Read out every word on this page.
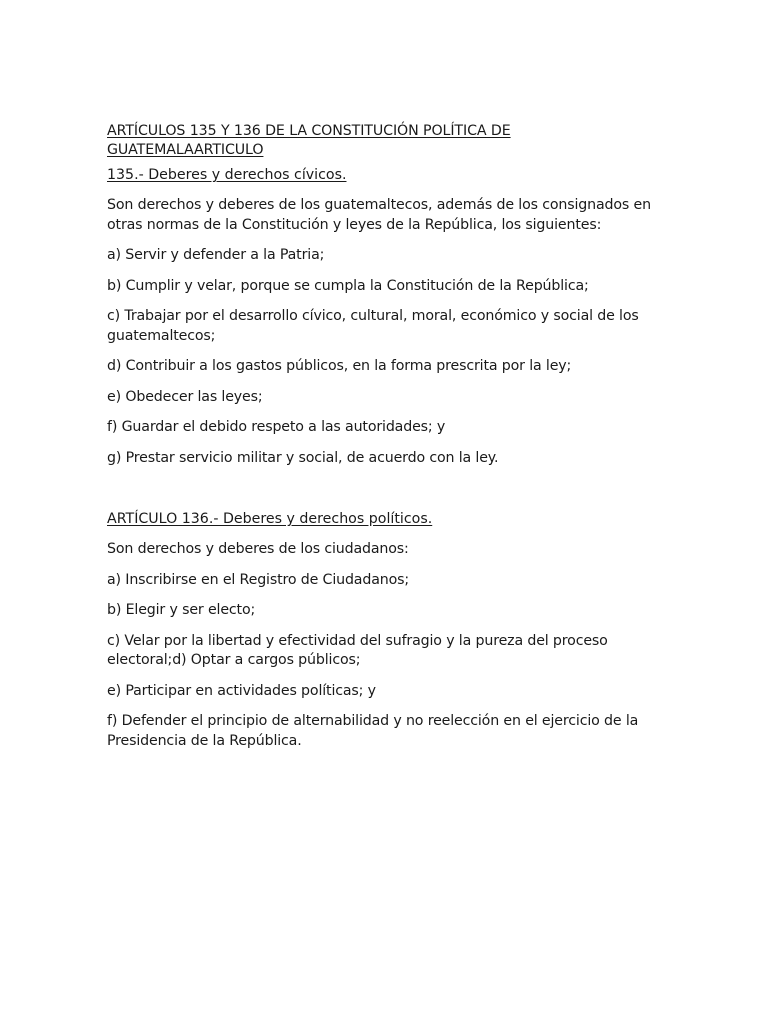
ARTÍCULOS 135 Y 136 DE LA CONSTITUCIÓN POLÍTICA DE GUATEMALAARTICULO
135.- Deberes y derechos cívicos.
Son derechos y deberes de los guatemaltecos, además de los consignados en otras normas de la Constitución y leyes de la República, los siguientes:
a) Servir y defender a la Patria;
b) Cumplir y velar, porque se cumpla la Constitución de la República;
c) Trabajar por el desarrollo cívico, cultural, moral, económico y social de los guatemaltecos;
d) Contribuir a los gastos públicos, en la forma prescrita por la ley;
e) Obedecer las leyes;
f) Guardar el debido respeto a las autoridades; y
g) Prestar servicio militar y social, de acuerdo con la ley.
ARTÍCULO 136.- Deberes y derechos políticos.
Son derechos y deberes de los ciudadanos:
a) Inscribirse en el Registro de Ciudadanos;
b) Elegir y ser electo;
c) Velar por la libertad y efectividad del sufragio y la pureza del proceso electoral;d) Optar a cargos públicos;
e) Participar en actividades políticas; y
f) Defender el principio de alternabilidad y no reelección en el ejercicio de la Presidencia de la República.
